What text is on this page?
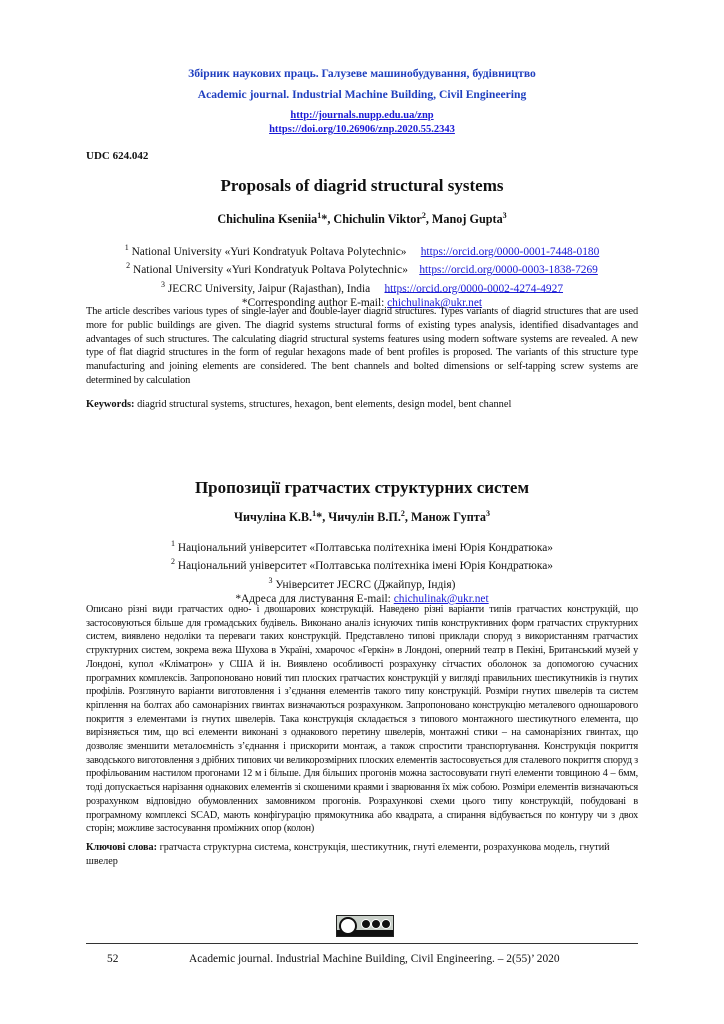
Збірник наукових праць. Галузеве машинобудування, будівництво
Academic journal. Industrial Machine Building, Civil Engineering
http://journals.nupp.edu.ua/znp
https://doi.org/10.26906/znp.2020.55.2343
UDC 624.042
Proposals of diagrid structural systems
Chichulina Kseniia$^1$*, Chichulin Viktor$^2$, Manoj Gupta$^3$
$^1$ National University «Yuri Kondratyuk Poltava Polytechnic» https://orcid.org/0000-0001-7448-0180
$^2$ National University «Yuri Kondratyuk Poltava Polytechnic» https://orcid.org/0000-0003-1838-7269
$^3$ JECRC University, Jaipur (Rajasthan), India https://orcid.org/0000-0002-4274-4927
*Corresponding author E-mail: chichulinak@ukr.net
The article describes various types of single-layer and double-layer diagrid structures. Types variants of diagrid structures that are used more for public buildings are given. The diagrid systems structural forms of existing types analysis, identified disadvantages and advantages of such structures. The calculating diagrid structural systems features using modern software systems are revealed. A new type of flat diagrid structures in the form of regular hexagons made of bent profiles is proposed. The variants of this structure type manufacturing and joining elements are considered. The bent channels and bolted dimensions or self-tapping screw systems are determined by calculation
Keywords: diagrid structural systems, structures, hexagon, bent elements, design model, bent channel
Пропозиції гратчастих структурних систем
Чичуліна К.В.$^1$*, Чичулін В.П.$^2$, Манож Гупта$^3$
$^1$ Національний університет «Полтавська політехніка імені Юрія Кондратюка»
$^2$ Національний університет «Полтавська політехніка імені Юрія Кондратюка»
$^3$ Університет JECRC (Джайпур, Індія)
*Адреса для листування E-mail: chichulinak@ukr.net
Описано різні види гратчастих одно- і двошарових конструкцій. Наведено різні варіанти типів гратчастих конструкцій, що застосовуються більше для громадських будівель. Виконано аналіз існуючих типів конструктивних форм гратчастих структурних систем, виявлено недоліки та переваги таких конструкцій. Представлено типові приклади споруд з використанням гратчастих структурних систем, зокрема вежа Шухова в Україні, хмарочос «Геркін» в Лондоні, оперний театр в Пекіні, Британський музей у Лондоні, купол «Кліматрон» у США й ін. Виявлено особливості розрахунку сітчастих оболонок за допомогою сучасних програмних комплексів. Запропоновано новий тип плоских гратчастих конструкцій у вигляді правильних шестикутників із гнутих профілів. Розглянуто варіанти виготовлення і з’єднання елементів такого типу конструкцій. Розміри гнутих швелерів та систем кріплення на болтах або самонарізних гвинтах визначаються розрахунком. Запропоновано конструкцію металевого одношарового покриття з елементами із гнутих швелерів. Така конструкція складається з типового монтажного шестикутного елемента, що вирізняється тим, що всі елементи виконані з однакового перетину швелерів, монтажні стики – на самонарізних гвинтах, що дозволяє зменшити металоємність з’єднання і прискорити монтаж, а також спростити транспортування. Конструкція покриття заводського виготовлення з дрібних типових чи великорозмірних плоских елементів застосовується для сталевого покриття споруд з профільованим настилом прогонами 12 м і більше. Для більших прогонів можна застосовувати гнуті елементи товщиною 4 – 6мм, тоді допускається нарізання однакових елементів зі скошеними краями і зварювання їх між собою. Розміри елементів визначаються розрахунком відповідно обумовленних замовником прогонів. Розрахункові схеми цього типу конструкцій, побудовані в програмному комплексі SCAD, мають конфігурацію прямокутника або квадрата, а спирання відбувається по контуру чи з двох сторін; можливе застосування проміжних опор (колон)
Ключові слова: гратчаста структурна система, конструкція, шестикутник, гнуті елементи, розрахункова модель, гнутий швелер
52	Academic journal. Industrial Machine Building, Civil Engineering. – 2(55)’ 2020
